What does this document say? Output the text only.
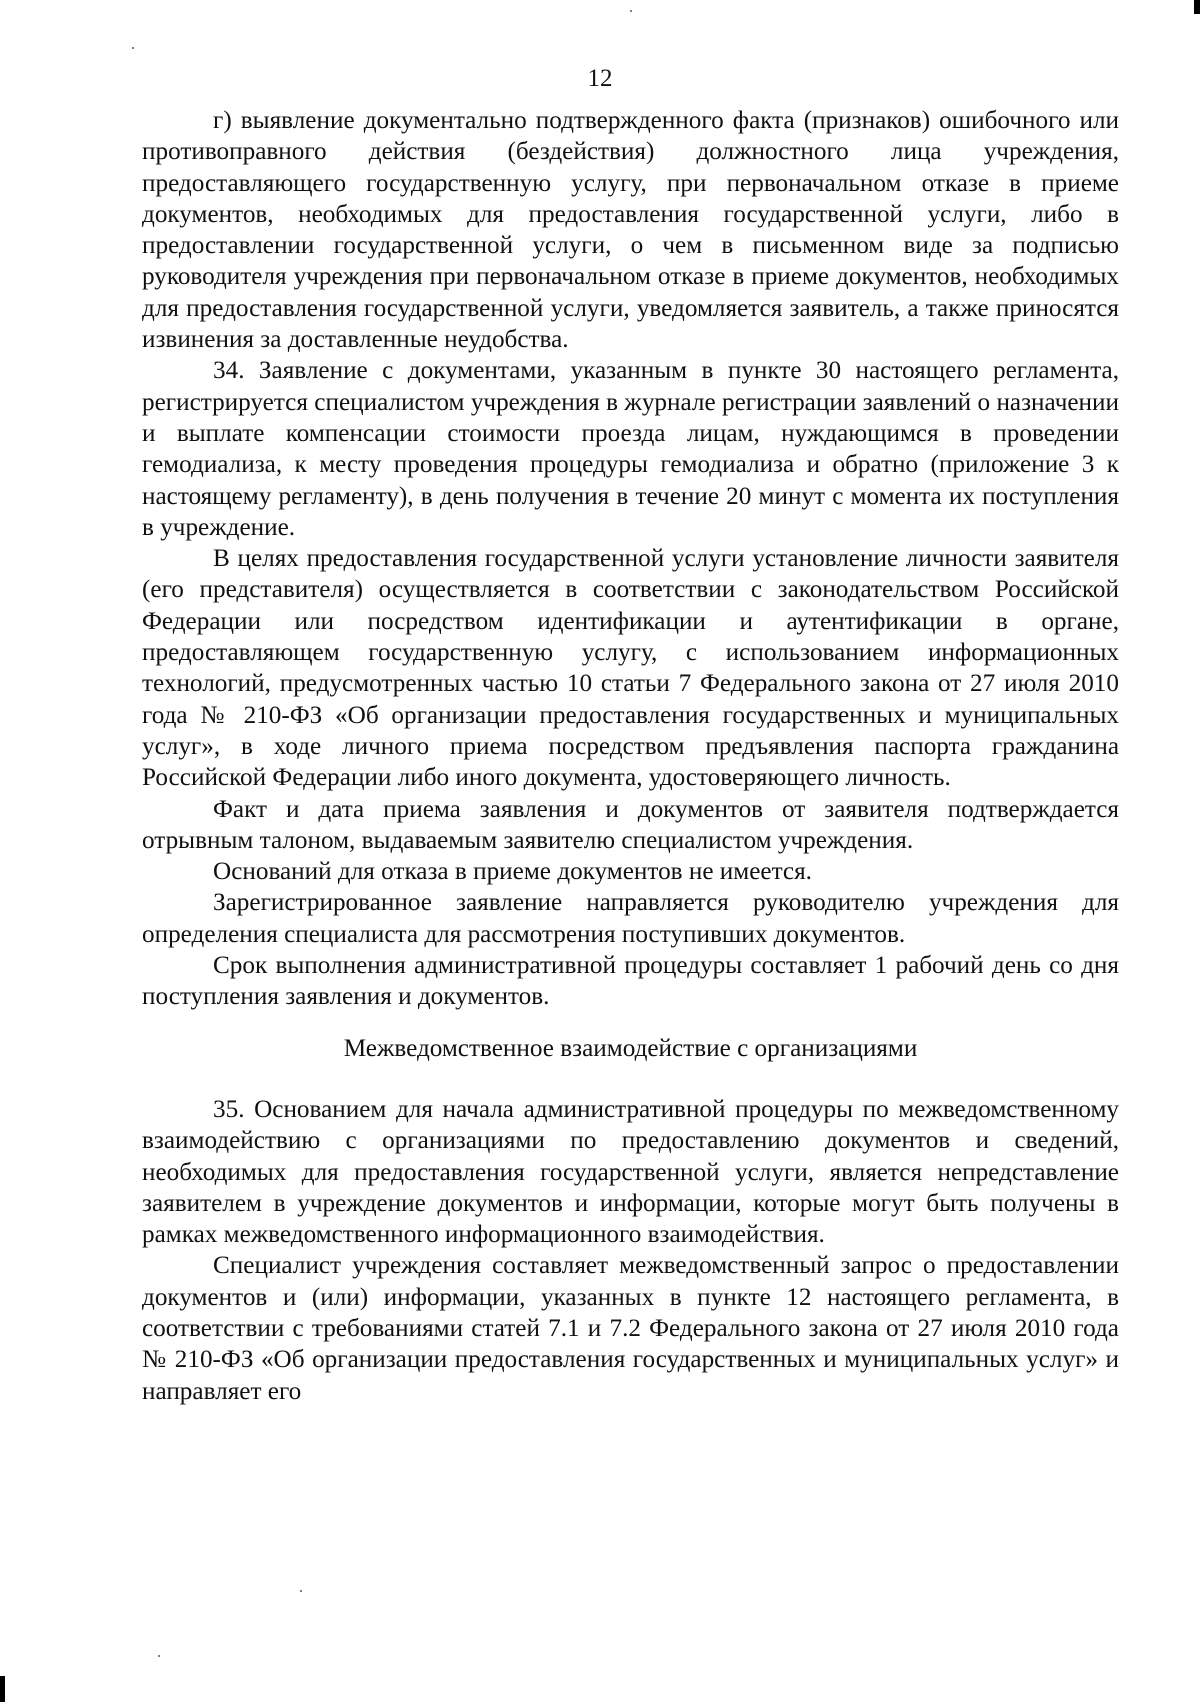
12

г) выявление документально подтвержденного факта (признаков) ошибочного или противоправного действия (бездействия) должностного лица учреждения, предоставляющего государственную услугу, при первоначальном отказе в приеме документов, необходимых для предоставления государственной услуги, либо в предоставлении государственной услуги, о чем в письменном виде за подписью руководителя учреждения при первоначальном отказе в приеме документов, необходимых для предоставления государственной услуги, уведомляется заявитель, а также приносятся извинения за доставленные неудобства.

34. Заявление с документами, указанным в пункте 30 настоящего регламента, регистрируется специалистом учреждения в журнале регистрации заявлений о назначении и выплате компенсации стоимости проезда лицам, нуждающимся в проведении гемодиализа, к месту проведения процедуры гемодиализа и обратно (приложение 3 к настоящему регламенту), в день получения в течение 20 минут с момента их поступления в учреждение.

В целях предоставления государственной услуги установление личности заявителя (его представителя) осуществляется в соответствии с законодательством Российской Федерации или посредством идентификации и аутентификации в органе, предоставляющем государственную услугу, с использованием информационных технологий, предусмотренных частью 10 статьи 7 Федерального закона от 27 июля 2010 года № 210-ФЗ «Об организации предоставления государственных и муниципальных услуг», в ходе личного приема посредством предъявления паспорта гражданина Российской Федерации либо иного документа, удостоверяющего личность.

Факт и дата приема заявления и документов от заявителя подтверждается отрывным талоном, выдаваемым заявителю специалистом учреждения.

Оснований для отказа в приеме документов не имеется.

Зарегистрированное заявление направляется руководителю учреждения для определения специалиста для рассмотрения поступивших документов.

Срок выполнения административной процедуры составляет 1 рабочий день со дня поступления заявления и документов.

Межведомственное взаимодействие с организациями

35. Основанием для начала административной процедуры по межведомственному взаимодействию с организациями по предоставлению документов и сведений, необходимых для предоставления государственной услуги, является непредставление заявителем в учреждение документов и информации, которые могут быть получены в рамках межведомственного информационного взаимодействия.

Специалист учреждения составляет межведомственный запрос о предоставлении документов и (или) информации, указанных в пункте 12 настоящего регламента, в соответствии с требованиями статей 7.1 и 7.2 Федерального закона от 27 июля 2010 года № 210-ФЗ «Об организации предоставления государственных и муниципальных услуг» и направляет его
